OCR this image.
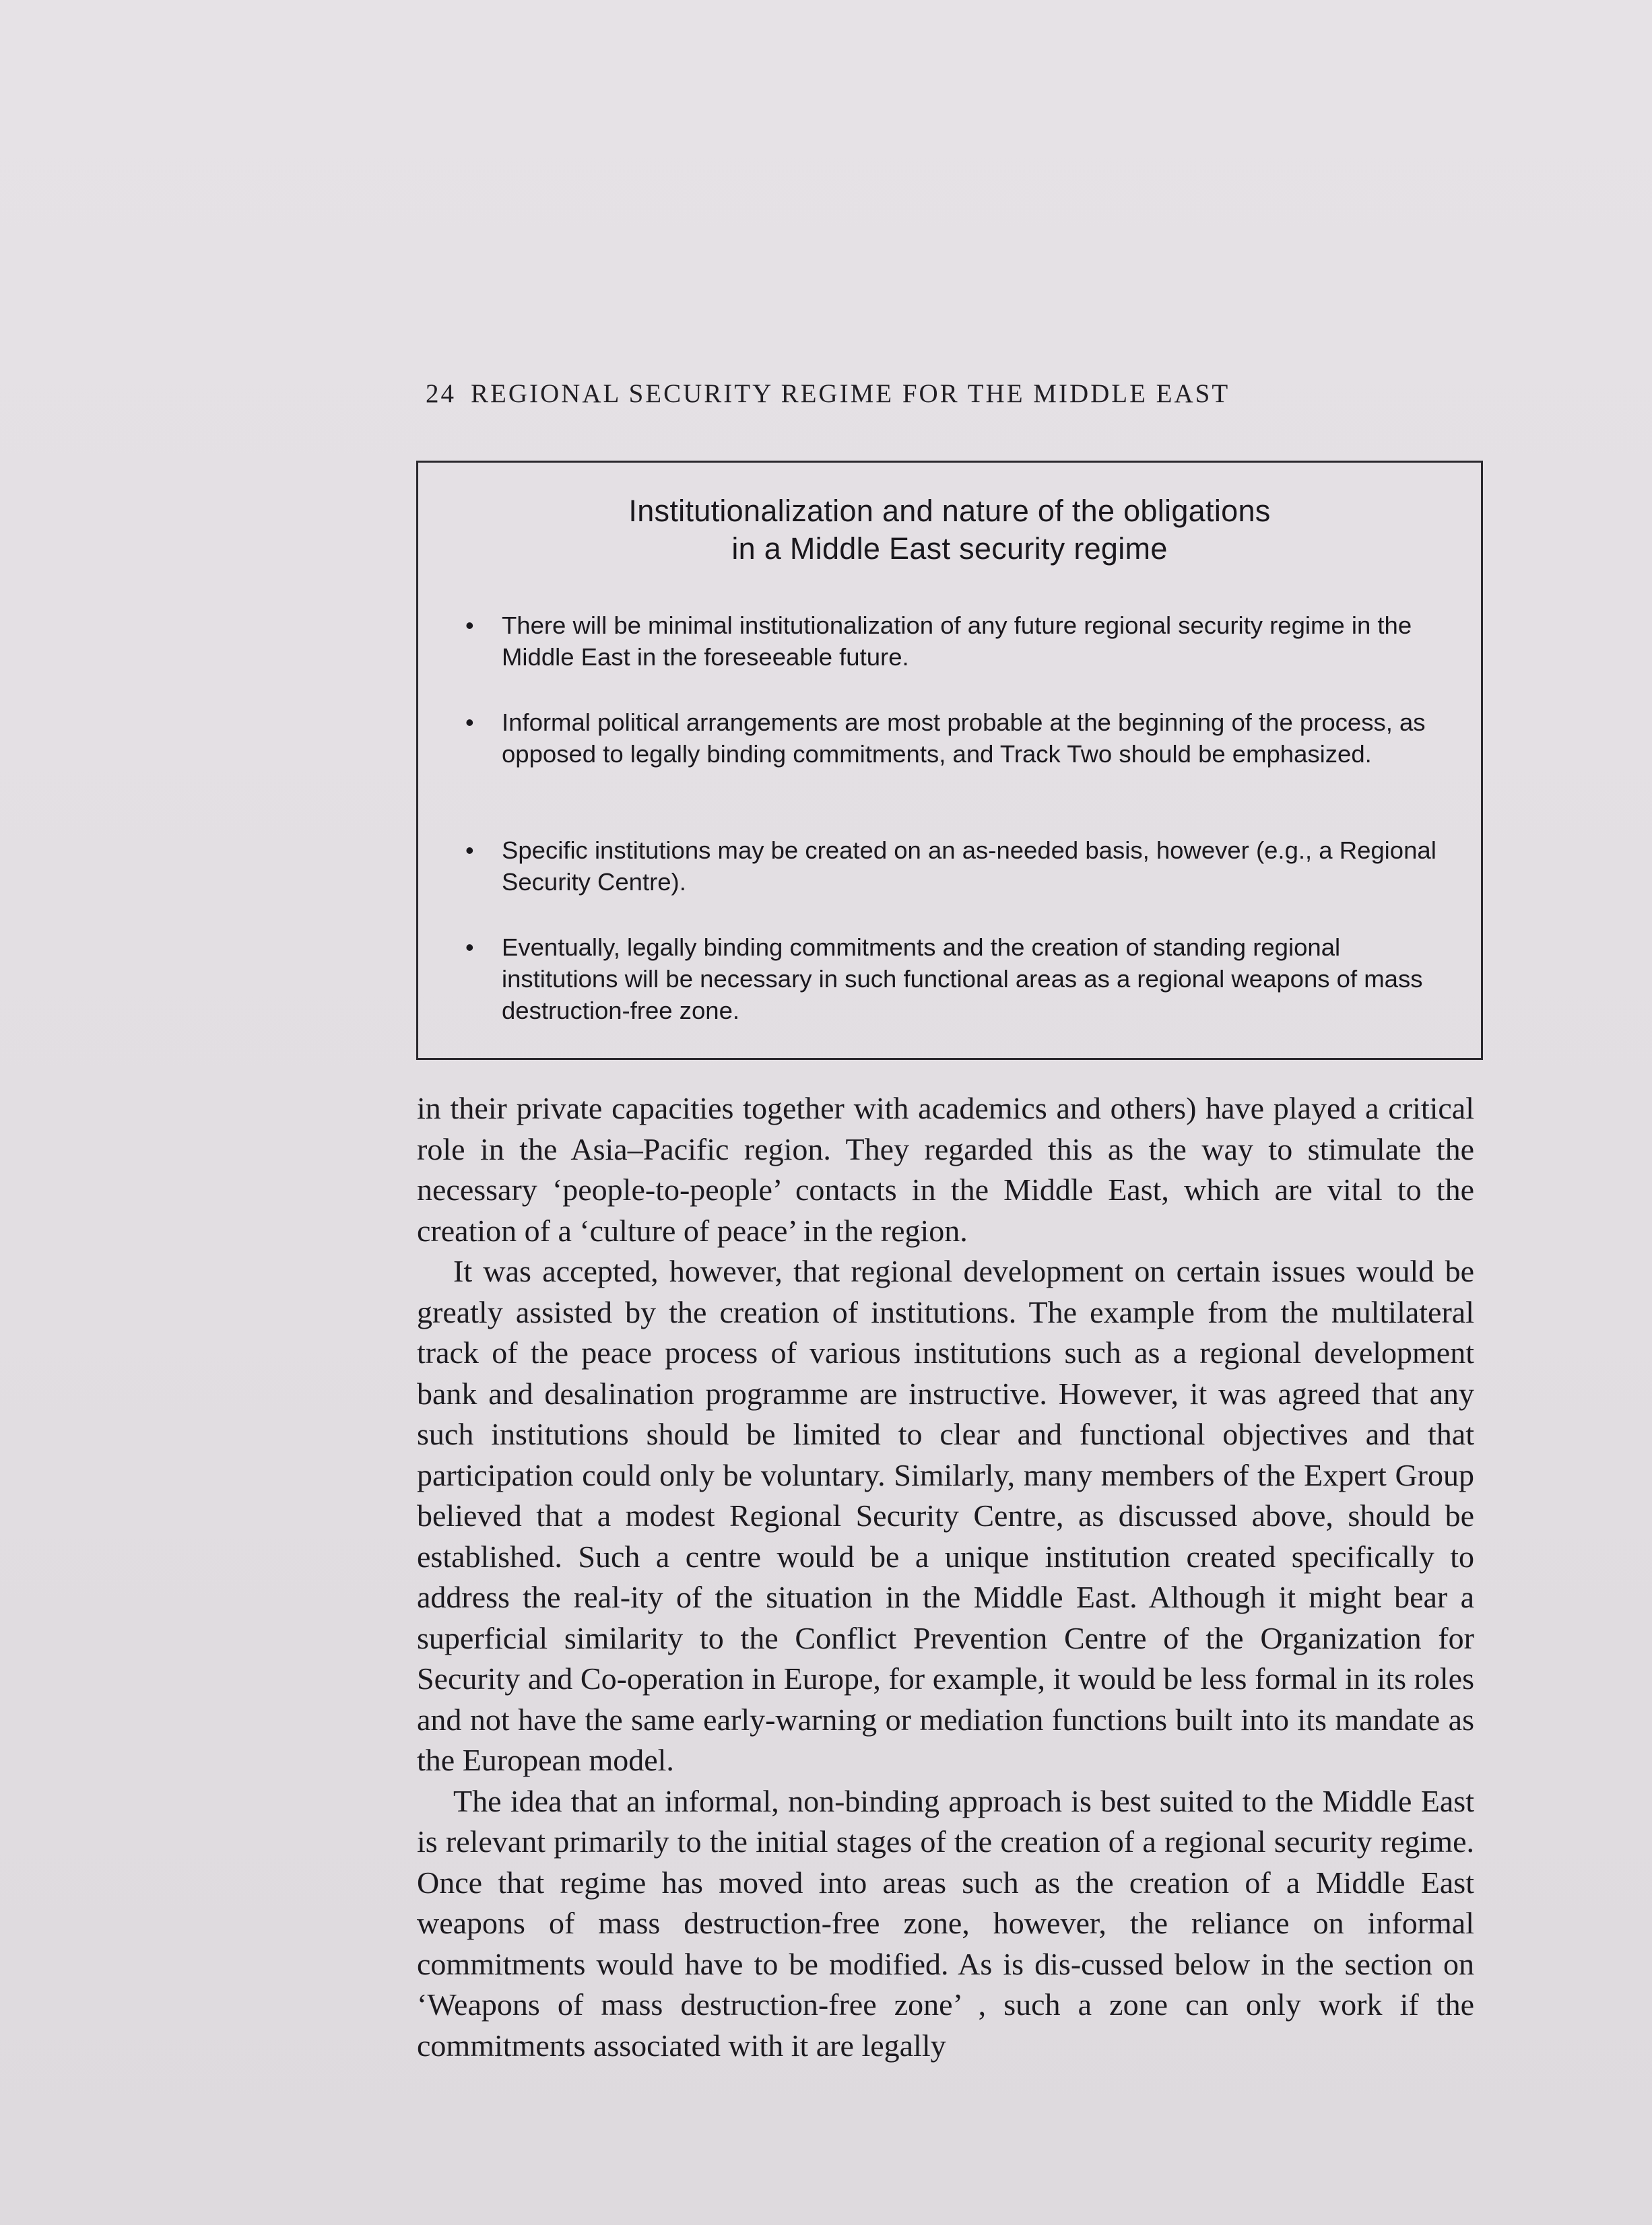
24 REGIONAL SECURITY REGIME FOR THE MIDDLE EAST
Institutionalization and nature of the obligations
in a Middle East security regime
• There will be minimal institutionalization of any future regional security regime in the Middle East in the foreseeable future.
• Informal political arrangements are most probable at the beginning of the process, as opposed to legally binding commitments, and Track Two should be emphasized.
• Specific institutions may be created on an as-needed basis, however (e.g., a Regional Security Centre).
• Eventually, legally binding commitments and the creation of standing regional institutions will be necessary in such functional areas as a regional weapons of mass destruction-free zone.

in their private capacities together with academics and others) have played a critical role in the Asia–Pacific region. They regarded this as the way to stimulate the necessary ‘people-to-people’ contacts in the Middle East, which are vital to the creation of a ‘culture of peace’ in the region.

It was accepted, however, that regional development on certain issues would be greatly assisted by the creation of institutions. The example from the multilateral track of the peace process of various institutions such as a regional development bank and desalination programme are instructive. However, it was agreed that any such institutions should be limited to clear and functional objectives and that participation could only be voluntary. Similarly, many members of the Expert Group believed that a modest Regional Security Centre, as discussed above, should be established. Such a centre would be a unique institution created specifically to address the real-ity of the situation in the Middle East. Although it might bear a superficial similarity to the Conflict Prevention Centre of the Organization for Security and Co-operation in Europe, for example, it would be less formal in its roles and not have the same early-warning or mediation functions built into its mandate as the European model.

The idea that an informal, non-binding approach is best suited to the Middle East is relevant primarily to the initial stages of the creation of a regional security regime. Once that regime has moved into areas such as the creation of a Middle East weapons of mass destruction-free zone, however, the reliance on informal commitments would have to be modified. As is dis-cussed below in the section on ‘Weapons of mass destruction-free zone’ , such a zone can only work if the commitments associated with it are legally
